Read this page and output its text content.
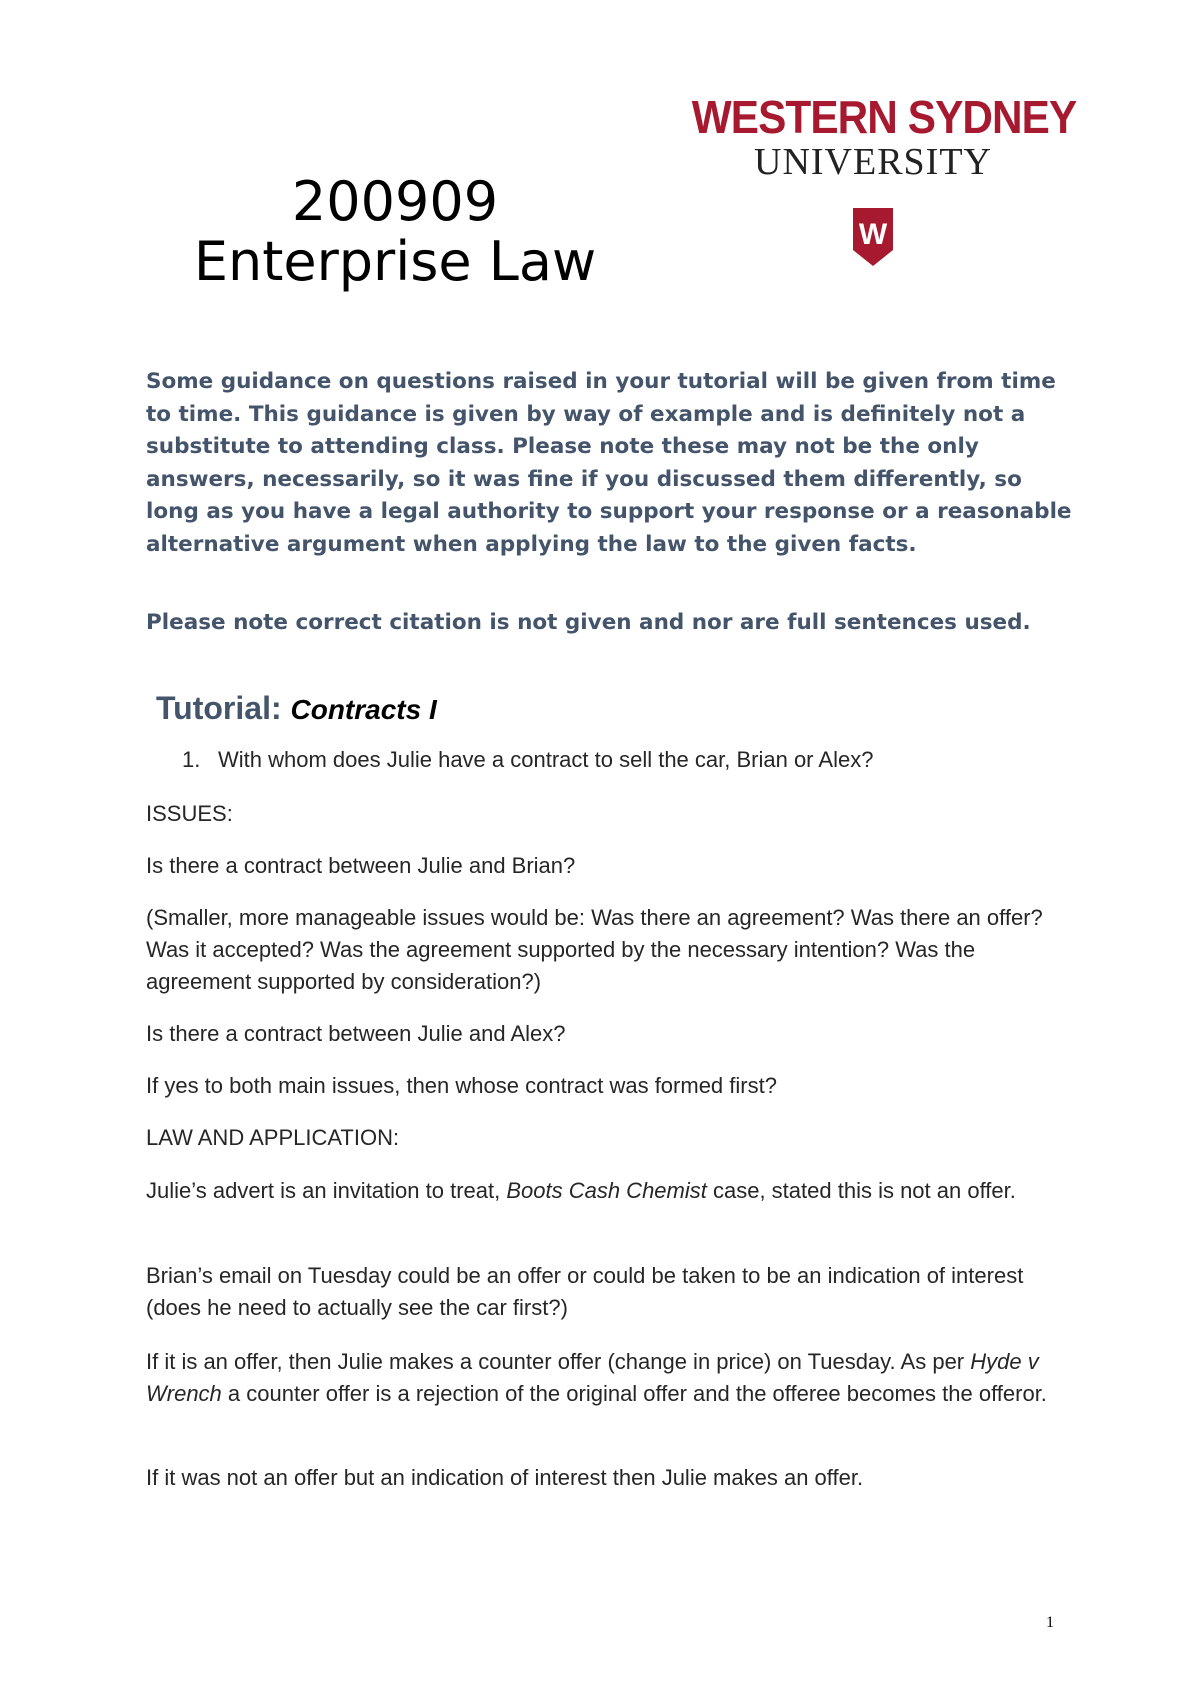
200909
Enterprise Law
WESTERN SYDNEY
UNIVERSITY
W

Some guidance on questions raised in your tutorial will be given from time to time. This guidance is given by way of example and is definitely not a substitute to attending class. Please note these may not be the only answers, necessarily, so it was fine if you discussed them differently, so long as you have a legal authority to support your response or a reasonable alternative argument when applying the law to the given facts.

Please note correct citation is not given and nor are full sentences used.

Tutorial: Contracts I
1. With whom does Julie have a contract to sell the car, Brian or Alex?

ISSUES:

Is there a contract between Julie and Brian?

(Smaller, more manageable issues would be: Was there an agreement? Was there an offer? Was it accepted? Was the agreement supported by the necessary intention? Was the agreement supported by consideration?)

Is there a contract between Julie and Alex?

If yes to both main issues, then whose contract was formed first?

LAW AND APPLICATION:

Julie’s advert is an invitation to treat, Boots Cash Chemist case, stated this is not an offer.

Brian’s email on Tuesday could be an offer or could be taken to be an indication of interest (does he need to actually see the car first?)

If it is an offer, then Julie makes a counter offer (change in price) on Tuesday. As per Hyde v Wrench a counter offer is a rejection of the original offer and the offeree becomes the offeror.

If it was not an offer but an indication of interest then Julie makes an offer.

1
